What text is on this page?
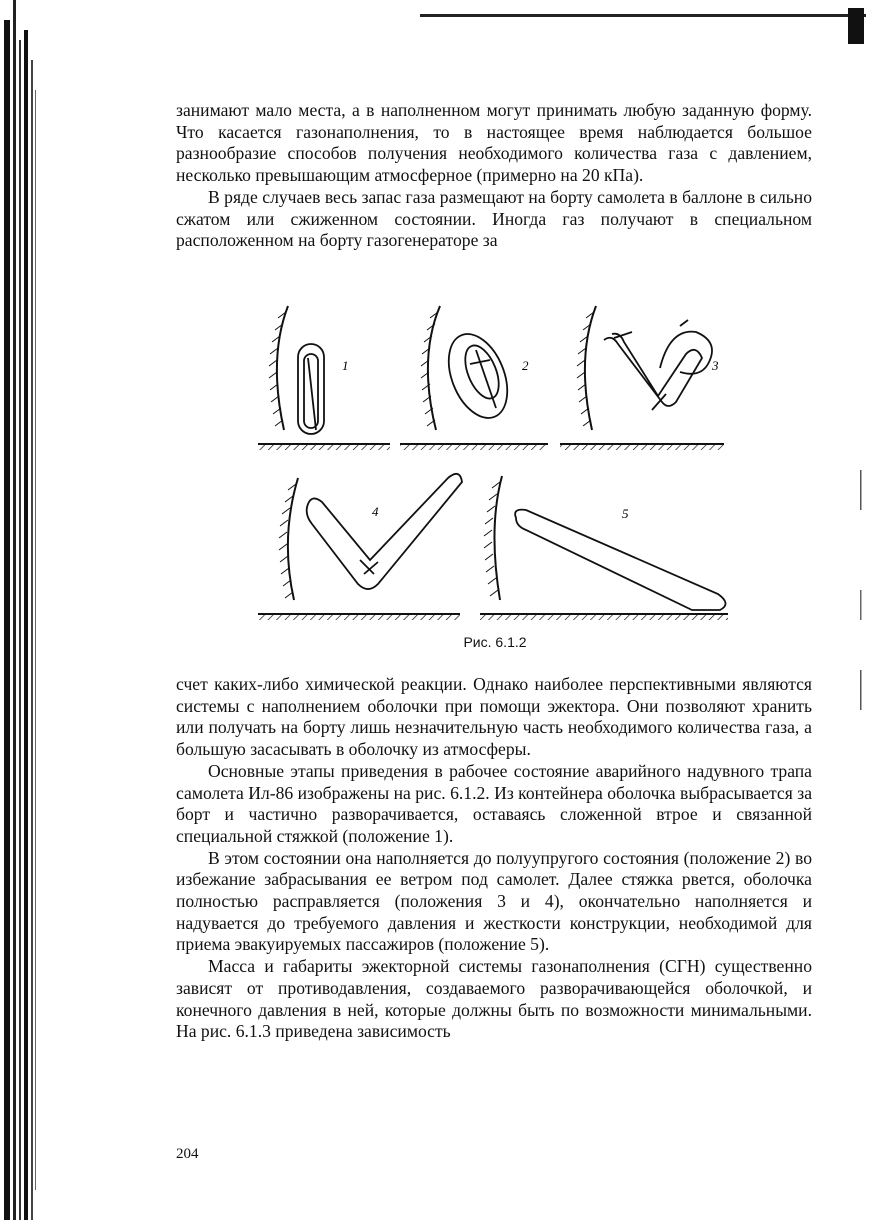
занимают мало места, а в наполненном могут принимать любую заданную форму. Что касается газонаполнения, то в настоящее время наблюдается большое разнообразие способов получения необходимого количества газа с давлением, несколько превышающим атмосферное (примерно на 20 кПа).

В ряде случаев весь запас газа размещают на борту самолета в баллоне в сильно сжатом или сжиженном состоянии. Иногда газ получают в специальном расположенном на борту газогенераторе за

1	2	3
4	5
Рис. 6.1.2

счет каких-либо химической реакции. Однако наиболее перспективными являются системы с наполнением оболочки при помощи эжектора. Они позволяют хранить или получать на борту лишь незначительную часть необходимого количества газа, а большую засасывать в оболочку из атмосферы.

Основные этапы приведения в рабочее состояние аварийного надувного трапа самолета Ил-86 изображены на рис. 6.1.2. Из контейнера оболочка выбрасывается за борт и частично разворачивается, оставаясь сложенной втрое и связанной специальной стяжкой (положение 1).

В этом состоянии она наполняется до полуупругого состояния (положение 2) во избежание забрасывания ее ветром под самолет. Далее стяжка рвется, оболочка полностью расправляется (положения 3 и 4), окончательно наполняется и надувается до требуемого давления и жесткости конструкции, необходимой для приема эвакуируемых пассажиров (положение 5).

Масса и габариты эжекторной системы газонаполнения (СГН) существенно зависят от противодавления, создаваемого разворачивающейся оболочкой, и конечного давления в ней, которые должны быть по возможности минимальными. На рис. 6.1.3 приведена зависимость

204
